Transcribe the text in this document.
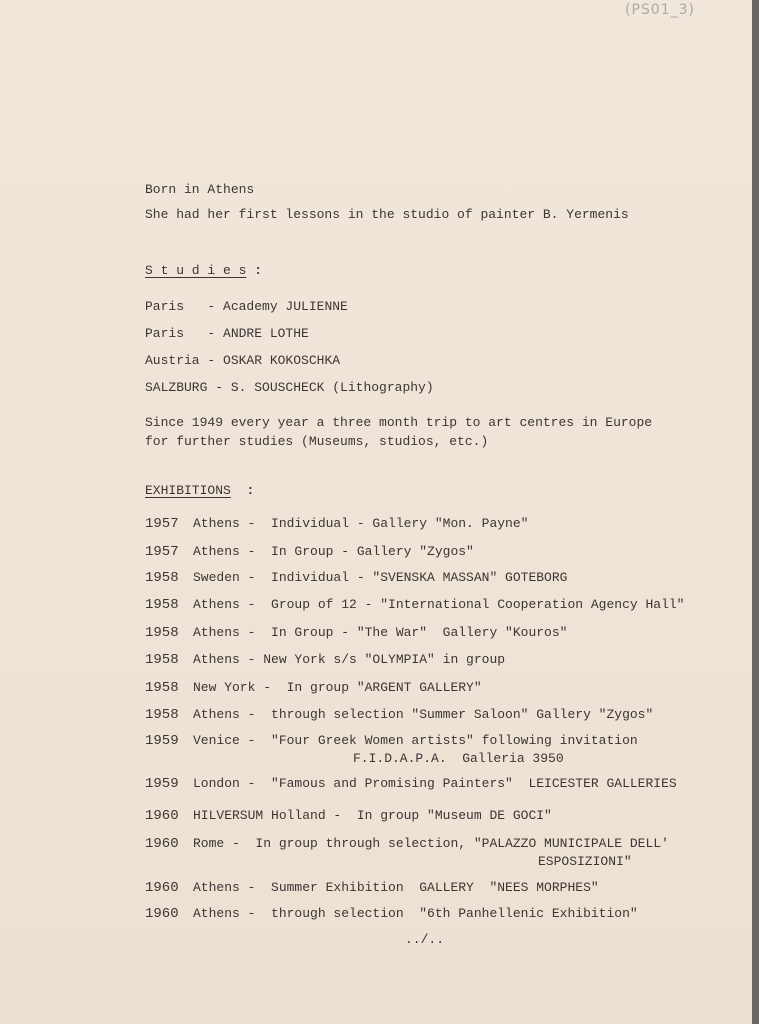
(PS01_3)
Born in Athens
She had her first lessons in the studio of painter B. Yermenis
S t u d i e s :
Paris   - Academy JULIENNE
Paris   - ANDRE LOTHE
Austria - OSKAR KOKOSCHKA
SALZBURG - S. SOUSCHECK (Lithography)
Since 1949 every year a three month trip to art centres in Europe
for further studies (Museums, studios, etc.)
EXHIBITIONS :
1957 Athens -  Individual - Gallery "Mon. Payne"
1957 Athens -  In Group - Gallery "Zygos"
1958 Sweden -  Individual - "SVENSKA MASSAN" GOTEBORG
1958 Athens -  Group of 12 - "International Cooperation Agency Hall"
1958 Athens -  In Group - "The War"  Gallery "Kouros"
1958 Athens - New York s/s "OLYMPIA" in group
1958 New York -  In group "ARGENT GALLERY"
1958 Athens -  through selection "Summer Saloon" Gallery "Zygos"
1959 Venice -  "Four Greek Women artists" following invitation
F.I.D.A.P.A.  Galleria 3950
1959 London -  "Famous and Promising Painters"  LEICESTER GALLERIES
1960 HILVERSUM Holland -  In group "Museum DE GOCI"
1960 Rome -  In group through selection, "PALAZZO MUNICIPALE DELL'
ESPOSIZIONI"
1960 Athens -  Summer Exhibition  GALLERY  "NEES MORPHES"
1960 Athens -  through selection  "6th Panhellenic Exhibition"
../..
